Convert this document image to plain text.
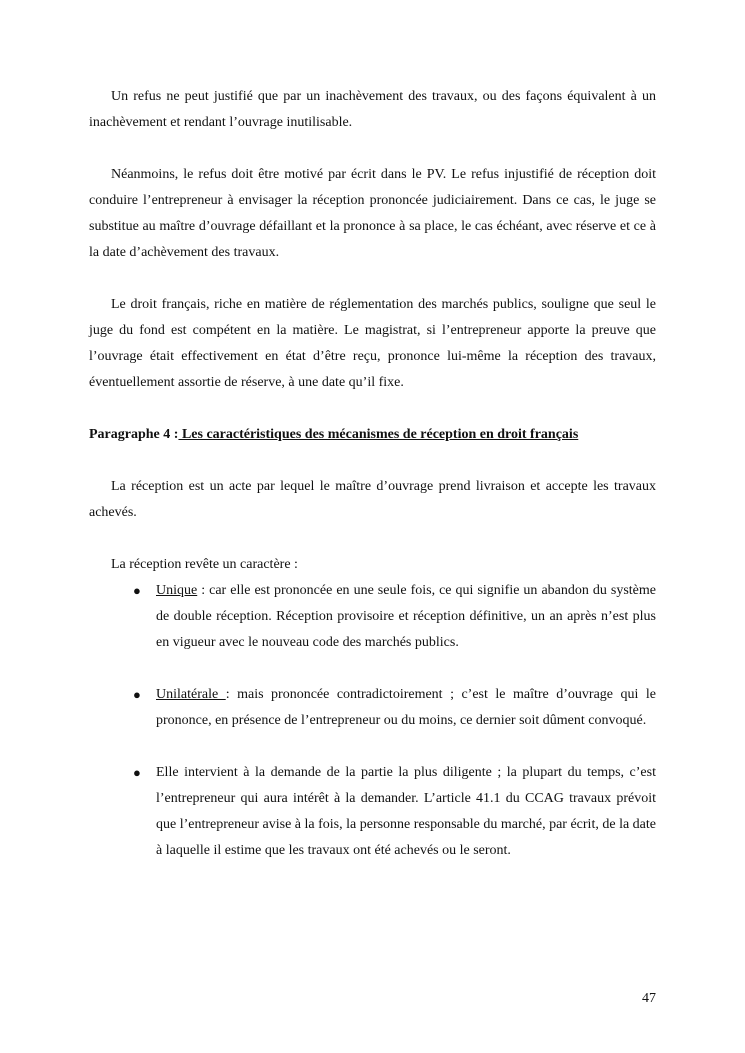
Un refus ne peut justifié que par un inachèvement des travaux, ou des façons équivalent à un inachèvement et rendant l’ouvrage inutilisable.

Néanmoins, le refus doit être motivé par écrit dans le PV. Le refus injustifié de réception doit conduire l’entrepreneur à envisager la réception prononcée judiciairement. Dans ce cas, le juge se substitue au maître d’ouvrage défaillant et la prononce à sa place, le cas échéant, avec réserve et ce à la date d’achèvement des travaux.

Le droit français, riche en matière de réglementation des marchés publics, souligne que seul le juge du fond est compétent en la matière. Le magistrat, si l’entrepreneur apporte la preuve que l’ouvrage était effectivement en état d’être reçu, prononce lui-même la réception des travaux, éventuellement assortie de réserve, à une date qu’il fixe.

Paragraphe 4 : Les caractéristiques des mécanismes de réception en droit français

La réception est un acte par lequel le maître d’ouvrage prend livraison et accepte les travaux achevés.

La réception revête un caractère :

● Unique : car elle est prononcée en une seule fois, ce qui signifie un abandon du système de double réception. Réception provisoire et réception définitive, un an après n’est plus en vigueur avec le nouveau code des marchés publics.

● Unilatérale : mais prononcée contradictoirement ; c’est le maître d’ouvrage qui le prononce, en présence de l’entrepreneur ou du moins, ce dernier soit dûment convoqué.

● Elle intervient à la demande de la partie la plus diligente ; la plupart du temps, c’est l’entrepreneur qui aura intérêt à la demander. L’article 41.1 du CCAG travaux prévoit que l’entrepreneur avise à la fois, la personne responsable du marché, par écrit, de la date à laquelle il estime que les travaux ont été achevés ou le seront.

47
